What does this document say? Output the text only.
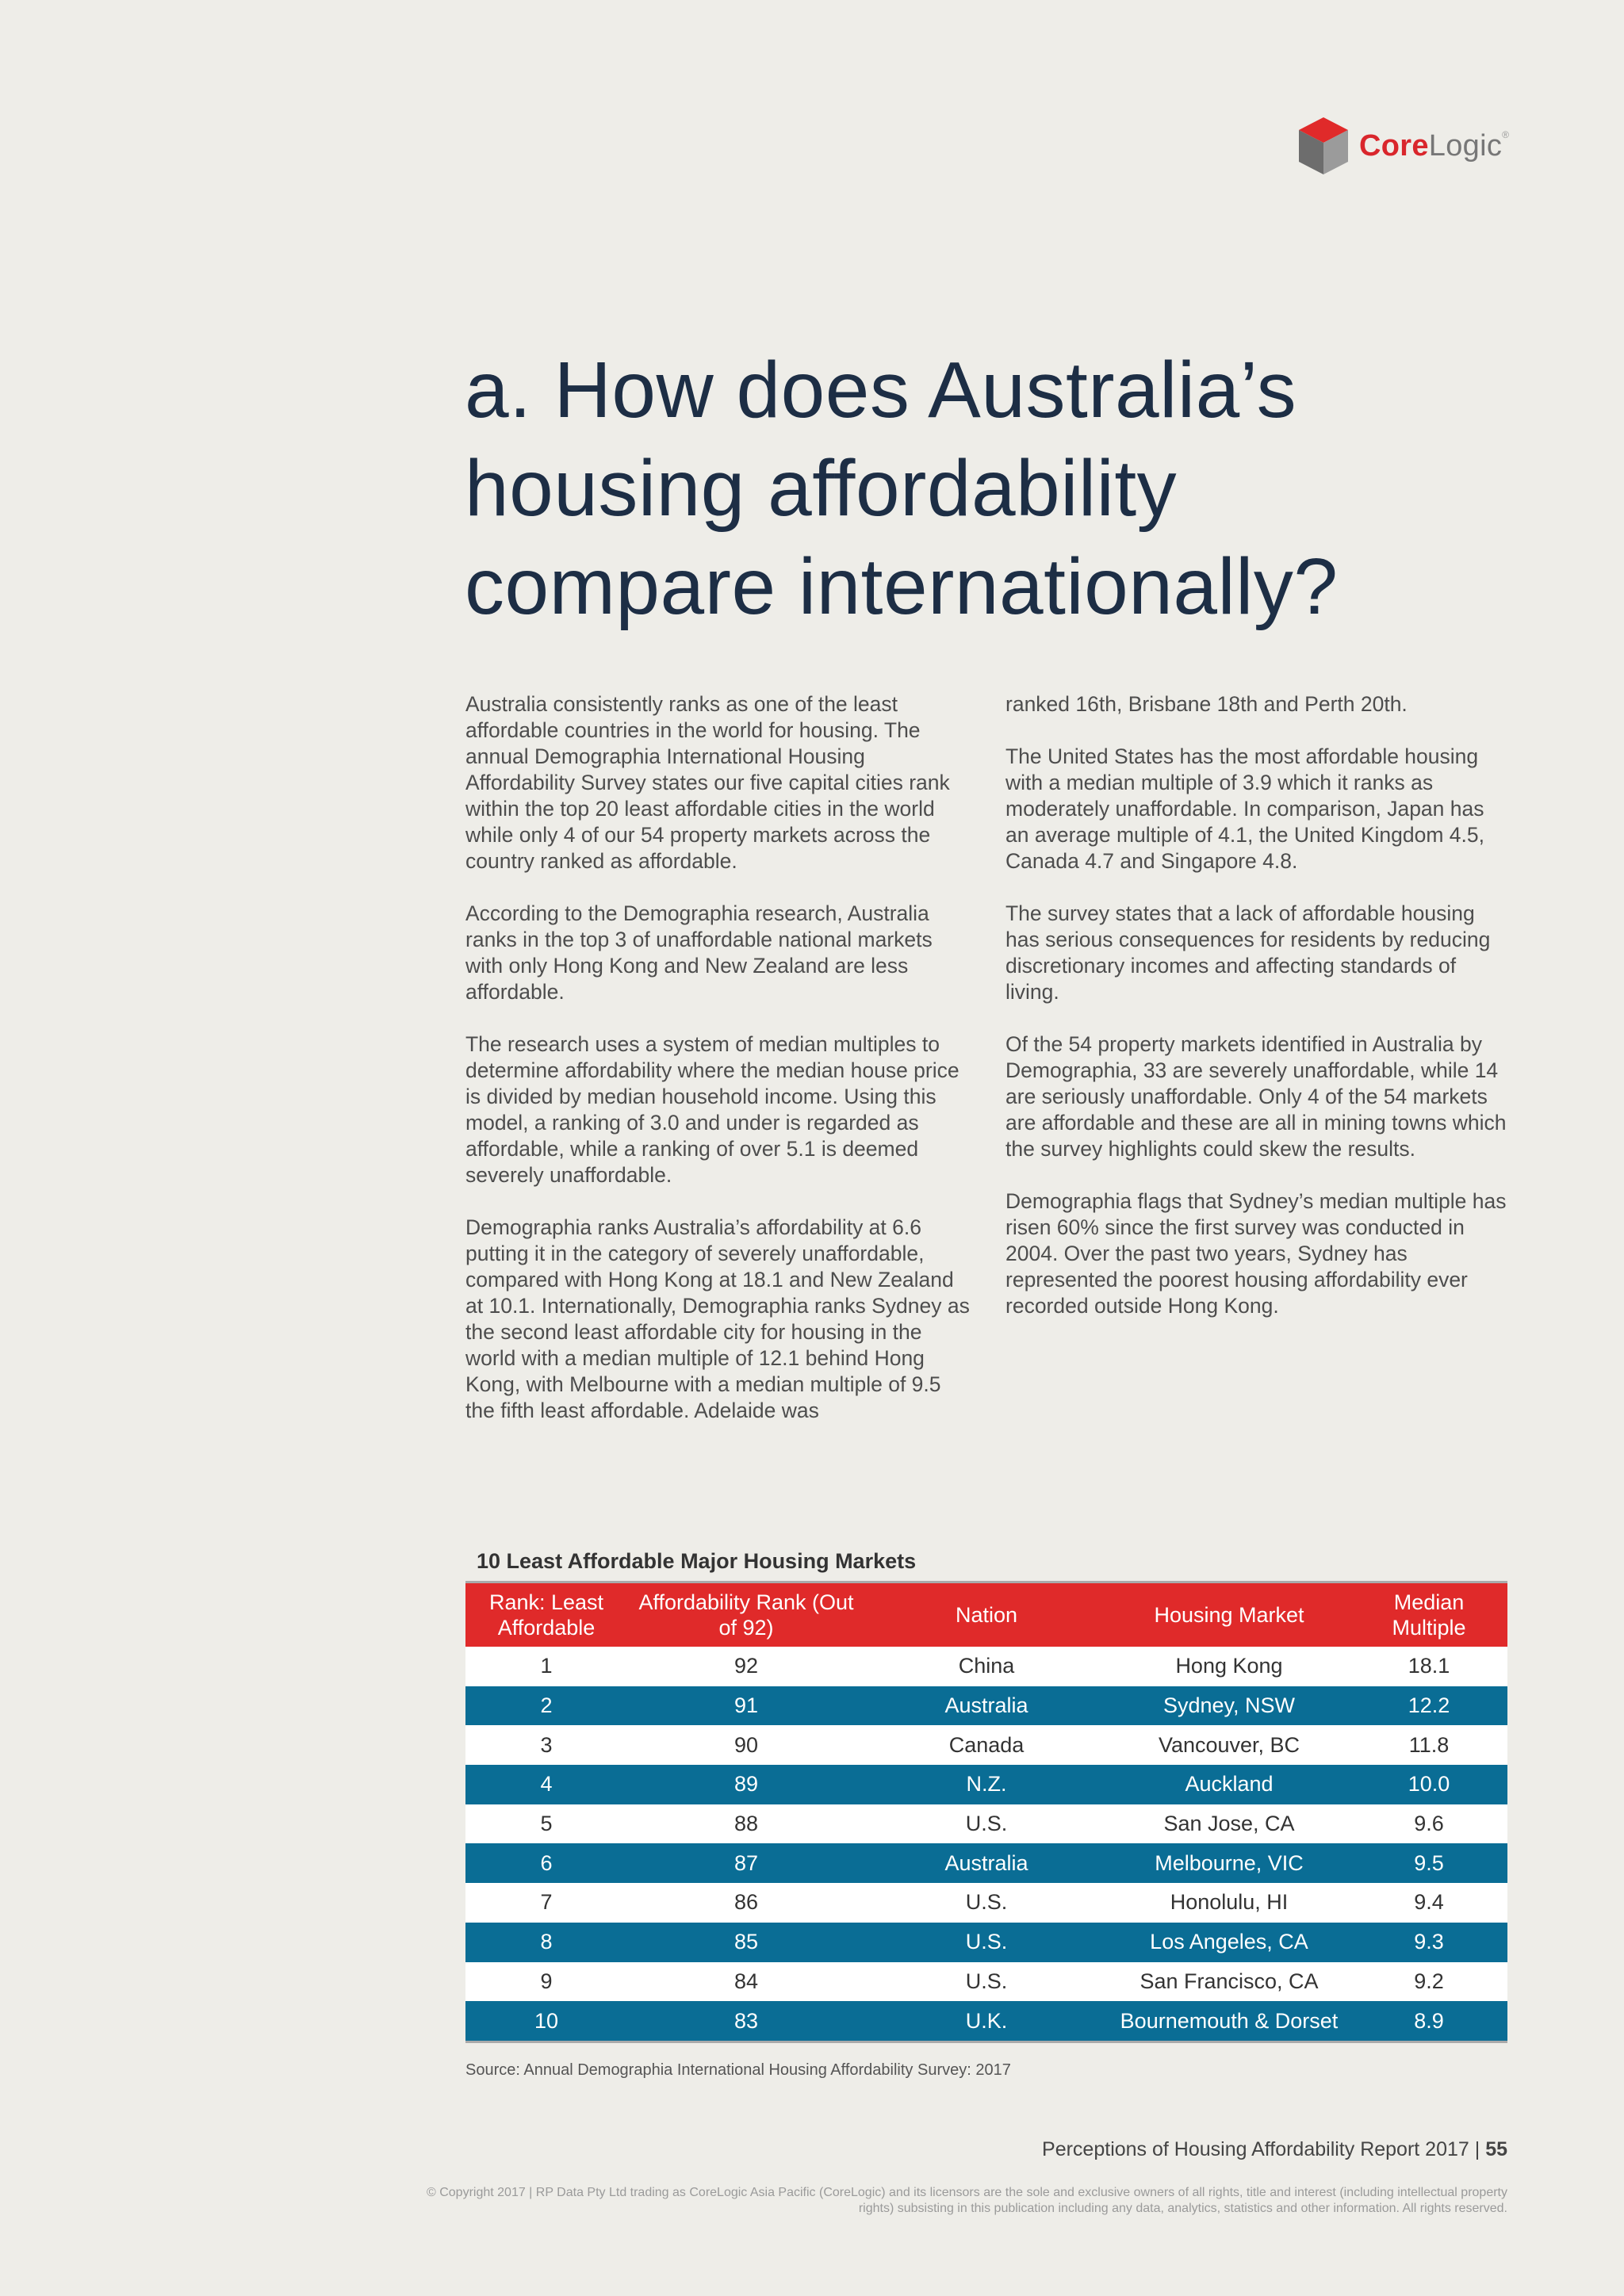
CoreLogic®
a. How does Australia’s
housing affordability
compare internationally?

Australia consistently ranks as one of the least affordable countries in the world for housing. The annual Demographia International Housing Affordability Survey states our five capital cities rank within the top 20 least affordable cities in the world while only 4 of our 54 property markets across the country ranked as affordable.

According to the Demographia research, Australia ranks in the top 3 of unaffordable national markets with only Hong Kong and New Zealand are less affordable.

The research uses a system of median multiples to determine affordability where the median house price is divided by median household income. Using this model, a ranking of 3.0 and under is regarded as affordable, while a ranking of over 5.1 is deemed severely unaffordable.

Demographia ranks Australia’s affordability at 6.6 putting it in the category of severely unaffordable, compared with Hong Kong at 18.1 and New Zealand at 10.1. Internationally, Demographia ranks Sydney as the second least affordable city for housing in the world with a median multiple of 12.1 behind Hong Kong, with Melbourne with a median multiple of 9.5 the fifth least affordable. Adelaide was

ranked 16th, Brisbane 18th and Perth 20th.

The United States has the most affordable housing with a median multiple of 3.9 which it ranks as moderately unaffordable. In comparison, Japan has an average multiple of 4.1, the United Kingdom 4.5, Canada 4.7 and Singapore 4.8.

The survey states that a lack of affordable housing has serious consequences for residents by reducing discretionary incomes and affecting standards of living.

Of the 54 property markets identified in Australia by Demographia, 33 are severely unaffordable, while 14 are seriously unaffordable. Only 4 of the 54 markets are affordable and these are all in mining towns which the survey highlights could skew the results.

Demographia flags that Sydney’s median multiple has risen 60% since the first survey was conducted in 2004. Over the past two years, Sydney has represented the poorest housing affordability ever recorded outside Hong Kong.

10 Least Affordable Major Housing Markets
Rank: Least Affordable	Affordability Rank (Out of 92)	Nation	Housing Market	Median Multiple
1	92	China	Hong Kong	18.1
2	91	Australia	Sydney, NSW	12.2
3	90	Canada	Vancouver, BC	11.8
4	89	N.Z.	Auckland	10.0
5	88	U.S.	San Jose, CA	9.6
6	87	Australia	Melbourne, VIC	9.5
7	86	U.S.	Honolulu, HI	9.4
8	85	U.S.	Los Angeles, CA	9.3
9	84	U.S.	San Francisco, CA	9.2
10	83	U.K.	Bournemouth & Dorset	8.9
Source: Annual Demographia International Housing Affordability Survey: 2017
Perceptions of Housing Affordability Report 2017 | 55
© Copyright 2017 | RP Data Pty Ltd trading as CoreLogic Asia Pacific (CoreLogic) and its licensors are the sole and exclusive owners of all rights, title and interest (including intellectual property rights) subsisting in this publication including any data, analytics, statistics and other information. All rights reserved.
